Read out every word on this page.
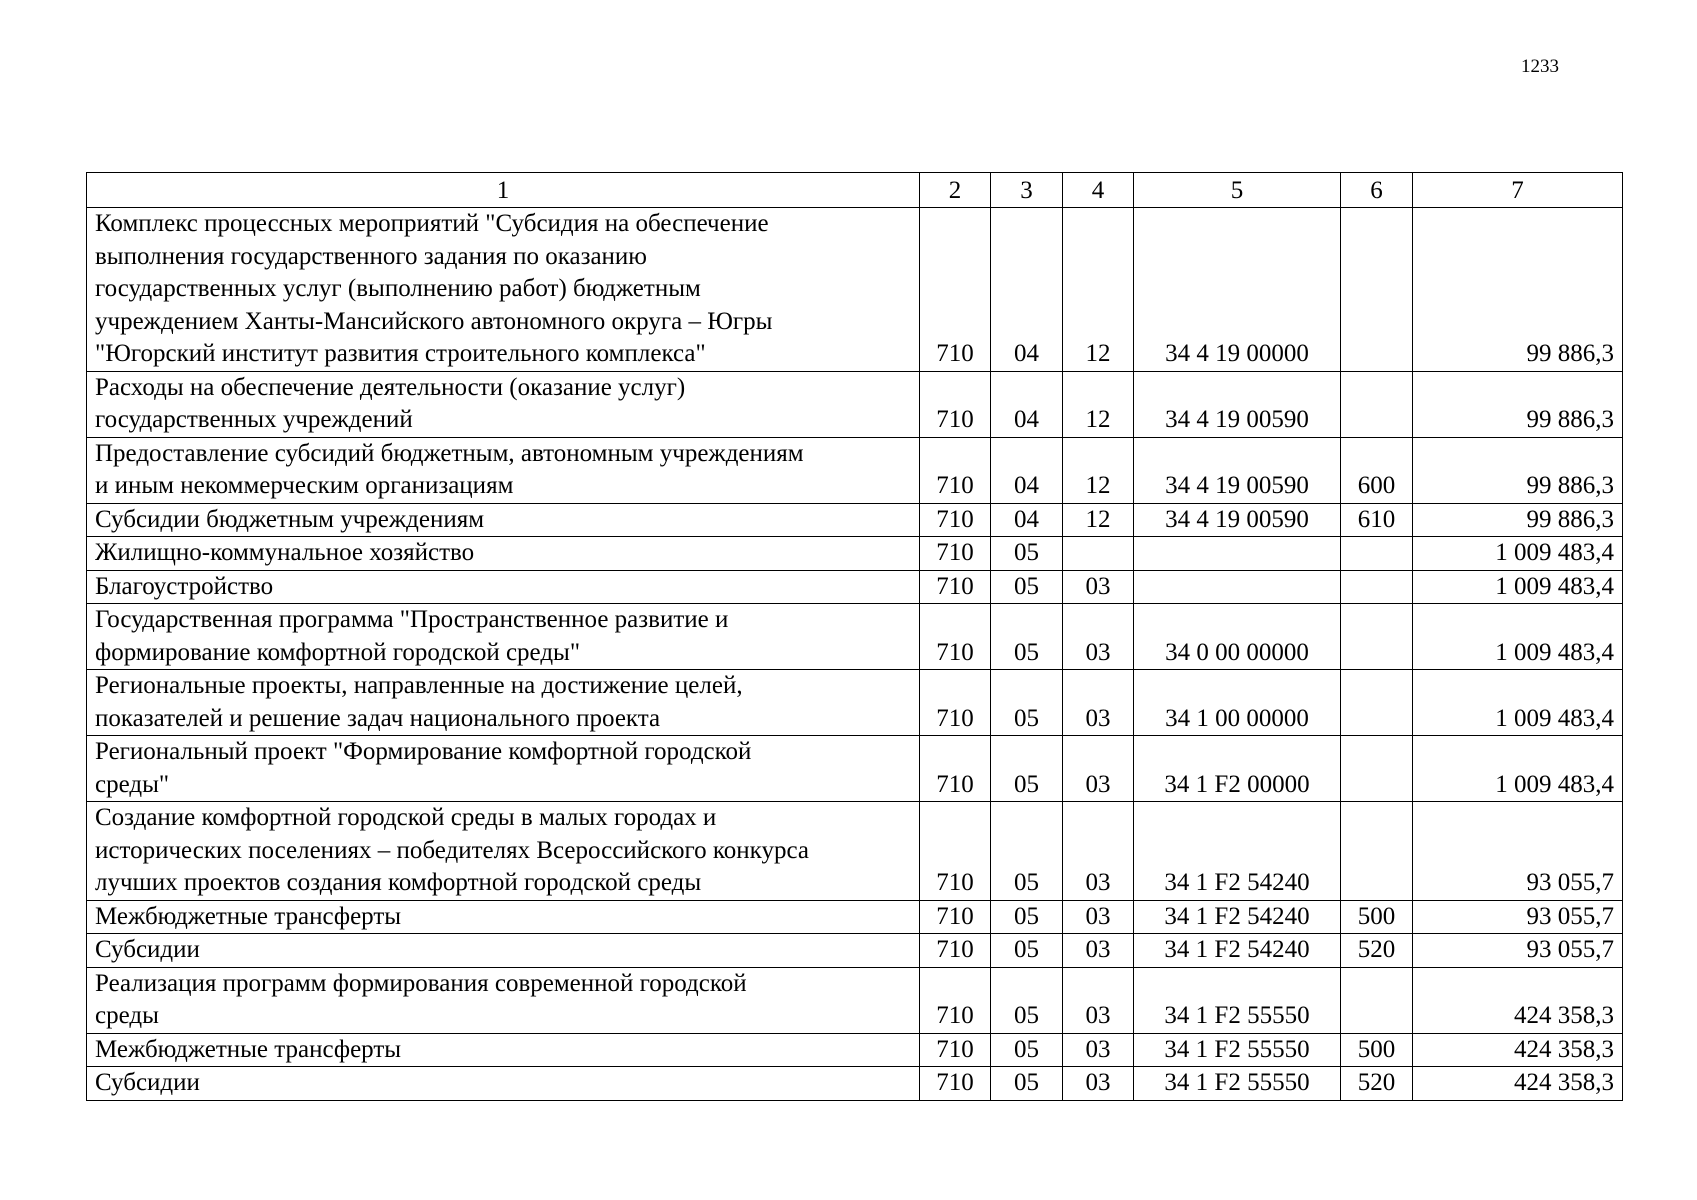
1233
1	2	3	4	5	6	7

Комплекс процессных мероприятий "Субсидия на обеспечение
выполнения государственного задания по оказанию
государственных услуг (выполнению работ) бюджетным
учреждением Ханты-Мансийского автономного округа – Югры
"Югорский институт развития строительного комплекса"	710	04	12	34 4 19 00000		99 886,3

Расходы на обеспечение деятельности (оказание услуг)
государственных учреждений	710	04	12	34 4 19 00590		99 886,3

Предоставление субсидий бюджетным, автономным учреждениям
и иным некоммерческим организациям	710	04	12	34 4 19 00590	600	99 886,3

Субсидии бюджетным учреждениям	710	04	12	34 4 19 00590	610	99 886,3

Жилищно-коммунальное хозяйство	710	05				1 009 483,4

Благоустройство	710	05	03			1 009 483,4

Государственная программа "Пространственное развитие и
формирование комфортной городской среды"	710	05	03	34 0 00 00000		1 009 483,4

Региональные проекты, направленные на достижение целей,
показателей и решение задач национального проекта	710	05	03	34 1 00 00000		1 009 483,4

Региональный проект "Формирование комфортной городской
среды"	710	05	03	34 1 F2 00000		1 009 483,4

Создание комфортной городской среды в малых городах и
исторических поселениях – победителях Всероссийского конкурса
лучших проектов создания комфортной городской среды	710	05	03	34 1 F2 54240		93 055,7

Межбюджетные трансферты	710	05	03	34 1 F2 54240	500	93 055,7

Субсидии	710	05	03	34 1 F2 54240	520	93 055,7

Реализация программ формирования современной городской
среды	710	05	03	34 1 F2 55550		424 358,3

Межбюджетные трансферты	710	05	03	34 1 F2 55550	500	424 358,3

Субсидии	710	05	03	34 1 F2 55550	520	424 358,3
